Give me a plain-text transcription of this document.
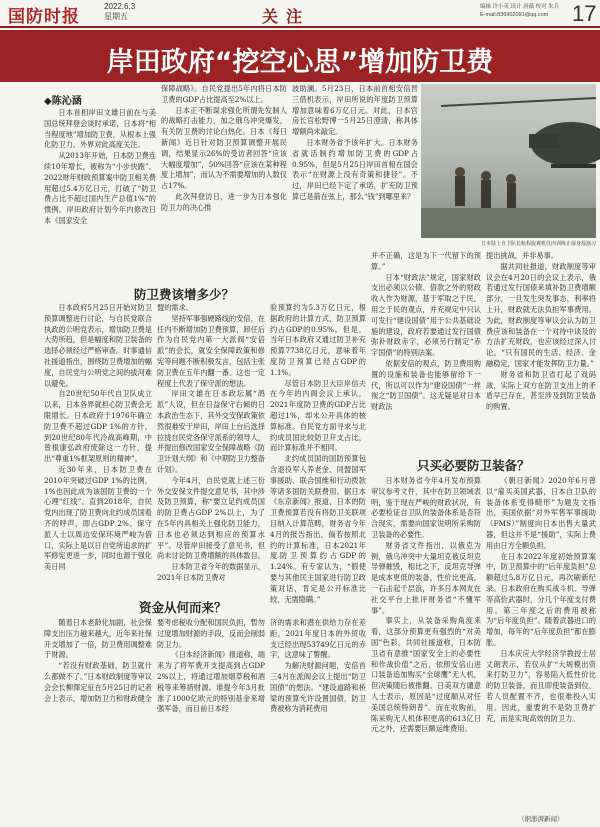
国防时报
2022.6.3
星期五	关注	编辑 许小英 设计 唐薇 校对 朱兵
E-mail:836902091@qq.com	17
岸田政府“挖空心思”增加防卫费
◆陈沁涵

日本首相岸田文雄日前在与美国总统拜登会谈时承诺，日本将“相当程度地”增加防卫费，从根本上强化防卫力。外界对此高度关注。

从2013年开始，日本防卫费连续10年增长，被称为“小步快跑”。2022财年财政预算案中防卫相关费用超过5.4万亿日元，打破了“防卫费占比不超过国内生产总值1%”的惯例。岸田政府计划今年内修改日本《国家安全

保障战略》。自民党提出5年内将日本防卫费的GDP占比提高至2%以上。

日本正不断谋求强化所谓先发制人的战略打击能力，加之俄乌冲突爆发，有关防卫费的讨论白热化。日本《每日新闻》近日针对防卫预算调整开展民调，结果显示26%的受访者回答“应该大幅度增加”，50%回答“应该在某种程度上增加”，而认为不需要增加的人数仅占17%。

此次拜登访日，进一步为日本强化防卫力的决心推

波助澜。5月23日，日本前首相安倍晋三借机表示，岸田所说的年度防卫预算增加意味着6万亿日元。对此，日本官房长官松野博一5月25日澄清，称具体增额尚未敲定。

日本财务省予该年扩大。日本财务省就活制约增加防卫费的GDP占0.95%，但是5月25日岸田首相在国会表示“在财源上没有奇策和捷径”。不过，岸田已经下定了承诺，扩充防卫预算已是箭在弦上，那么“钱”到哪里来？

日本陆上自卫队长航程旋翼机往内训练止保身投演习

并不正确，这是为下一代留下的预算。”

日本“财政法”规定，国家财政支出必须以公债、借款之外的财政收入作为财源，基于军取之于民，用之于民的观点，并充规定中只认可发行“建设国债”用于公共基础设施的建设，政府若要通过发行国债弥补财政赤字，必须另行制定“赤字国债”的特别法案。

依据安倍的观点，防卫费用购置的设施和装备也能够留给下一代，所以可以作为“建设国债”一样视之“防卫国债”。这无疑是对日本财政法

提出挑战，并非易事。

据共同社报道，财政制度等审议会在4月20日的会议上表示，俄若通过发行国债来填补防卫费增额部分，一旦发生突发事态，利率将上升，财政就无法负担军事费用。为此，财政制度等审议会认为防卫费应该和装备在一个对待中谈及的方法扩充财政，也应该经过深入讨论。“只有国民的生活、经济、金融稳定，国家才能发挥防卫力量。”

财务省和防卫省打起了戏码战，实际上双方在防卫支出上的矛盾早已存在，甚至涉及到防卫装备的购置。

防卫费该增多少？

日本政府5月25日开始对防卫预算调整进行讨论，与自民党联合执政的公明党表示，增加防卫费是大势所趋，但是幅度和防卫装备的选择必须经过严格审查。时事通信社援道指出，围绕防卫费增加的幅度，自民党与公明党之间的拔河难以避免。

自20世纪50年代自卫队成立以来，日本各界就担心防卫费会无限增长。日本政府于1976年确立防卫费不超过GDP 1%的方针，到20世纪80年代冷战高峰期，中曾根康弘政府废除这一方针，提出“尊重1%框架原则的精神”。

近30年来，日本防卫费在2010年突破过GDP 1%的比例，1%也因此成为该国防卫费的一个心理“红线”。直到2018年，自民党内出现了防卫费向北约成员国看齐的呼声，即占GDP 2%。保守派人士以周边安保环境严峻为借口，实际上是以日自党所追求的扩军修宪更进一步，同时也源于强化美日同

盟的需求。

坚持军事强硬路线的安倍，在任内不断增加防卫费预算，卸任后作为自民党内第一大派阀“安倍派”的会长，就安全保障政策和修宪等问题不断积极发言，包括主张防卫费在五年内翻一番。这也一定程度上代表了保守派的想法。

岸田文雄在日本政坛属“鸽派”人设，但在日益保守右倾的日本政治生态下，其外交安保政策依然很难安于岸田，岸田上台后选择拉拢自民党各保守派系的领导人，并提出修改国家安全保障战略《防卫计划大纲》和《中期防卫力整备计划》。

今年4月，自民党就上述三份外交安保文件提交意见书，其中涉及防卫预算，称“要立足约成员国的防卫费占GDP 2%以上，为了在5年内具相关上强化防卫能力，日本也必须达到相应的预算水平”。尽管岸田接受了意见书，但尚未讨论防卫费增额的具体数目。

日本防卫省今年的数据显示，2021年日本防卫费对

验预算约为5.3万亿日元，根据政府的计算方式，防卫预算约占GDP的0.95%。但是，当年日本政府又通过防卫补充预算7738亿日元，意味着年度防卫预算已经占GDP的1.1%。

尽管日本防卫大臣岸信夫在今年的内阁会议上承认，2021年度防卫费的GDP占比超过1%，却未公开具体的核算标准。自民党方面寻求与北约成员国比较防卫开支占比，而计算标准并不相同。

北约成员国的国防预算包含退役军人养老金、同盟国军事援助、联合国维和行动拨款等诸多国防关联费用。据日本《东京新闻》报道，日本的防卫费预算若没有将防卫关联项目纳入计算范畴，财务省今年4月的报告指出，倘若按照北约的计算标准，日本2021年度防卫预算约占GDP的1.24%。有专家认为，“假使要与其他民主国家进行防卫政策对话，肯定是公开标准比较，无需隐瞒。”

只买必要防卫装备？

日本财务省今年4月发布预算审议参考文件，其中在防卫领域表明，鉴于现在严峻的财政状况，有必要检证自卫队的装备体系是否符合现实，需要向国家说明所采购防卫装备的必要性。

财务省文件指出，以俄克为例，俄乌冲突中大量坦克被反坦克导弹摧毁，相比之下，反坦克导弹是成本更低的装备，性价比更高。一石击起千层浪，许多日本网友在社交平台上批评财务省“不懂军事”。

事实上，从装备采购角度来看，这部分预算更有强烈的“对美国”色彩。共同社援道称，日本防卫省有意推“国家安全上的必要性和作战价值”之后，依照安倍山进口装备追加购买“全球鹰”无人机，但决策随后被推翻。日美双方谴意人士表示，原因是“过度顺从对任美国总统特朗普”。而在收购前，陈采购无人机体积更高的613亿日元之外，还需要巨额运维费用。

《朝日新闻》2020年6月曾以“雇买美国武器，日本自卫队的装备体系变得畸形”为题发文指出，美国依据“对外军售军事援助（FMS）”制度向日本出售大量武器，但这并不是“援助”，实际上费用由日方全额负担。

在日本2022年度初始预算案中，防卫预算中的“后年度负担”总额超过5.8万亿日元，再次刷新纪录。日本政府在购买战斗机、导弹等高价武器时，分几个年度支付费用。第三年度之后的费用被称为“后年度负担”。随着武器进口的增加，每年的“后年度负担”都在膨胀。

日本庆应大学经济学教授土居丈朗表示，若仅从扩“大规模出资来打防卫力”，容易陷入低性价比的防卫装备，而且即使装备到位，若人员配置不齐，也很难投入实用。因此，重要的不是防卫费扩充，而是实现高效的防卫力。

资金从何而来？

随着日本老龄化加剧，社会保障支出压力越来越大，近年来社保开支增加了一倍，防卫费用调整难于财源。

“若没有财政基础，防卫就什么都做不了。”日本财政制度等审议会会长柳澤定征在5月25日的记者会上表示，增加防卫力和财政健全

要考虑税收分配和国民负担，暂勿过度增加财源的手段，反而会削弱防卫力。

《日本经济新闻》报道称，端来为了将军费开支提高到占GDP 2%以上，将通过增加烟草税和酒税等来筹措财源。谁提今年3月批准了1000亿欧元的特别基金来增强军备，而目前日本经

济的需求和潜在供给力存在差距，2021年度日本的外贸收支已经出现53749亿日元的赤字，这意味了警醒。

为解决财源问题，安倍首三4月在派阀会议上提出“防卫国债”的想法。“建设道路和桥梁的预算允许设置国债，防卫费被称为消耗费用

（据澎湃新闻）
